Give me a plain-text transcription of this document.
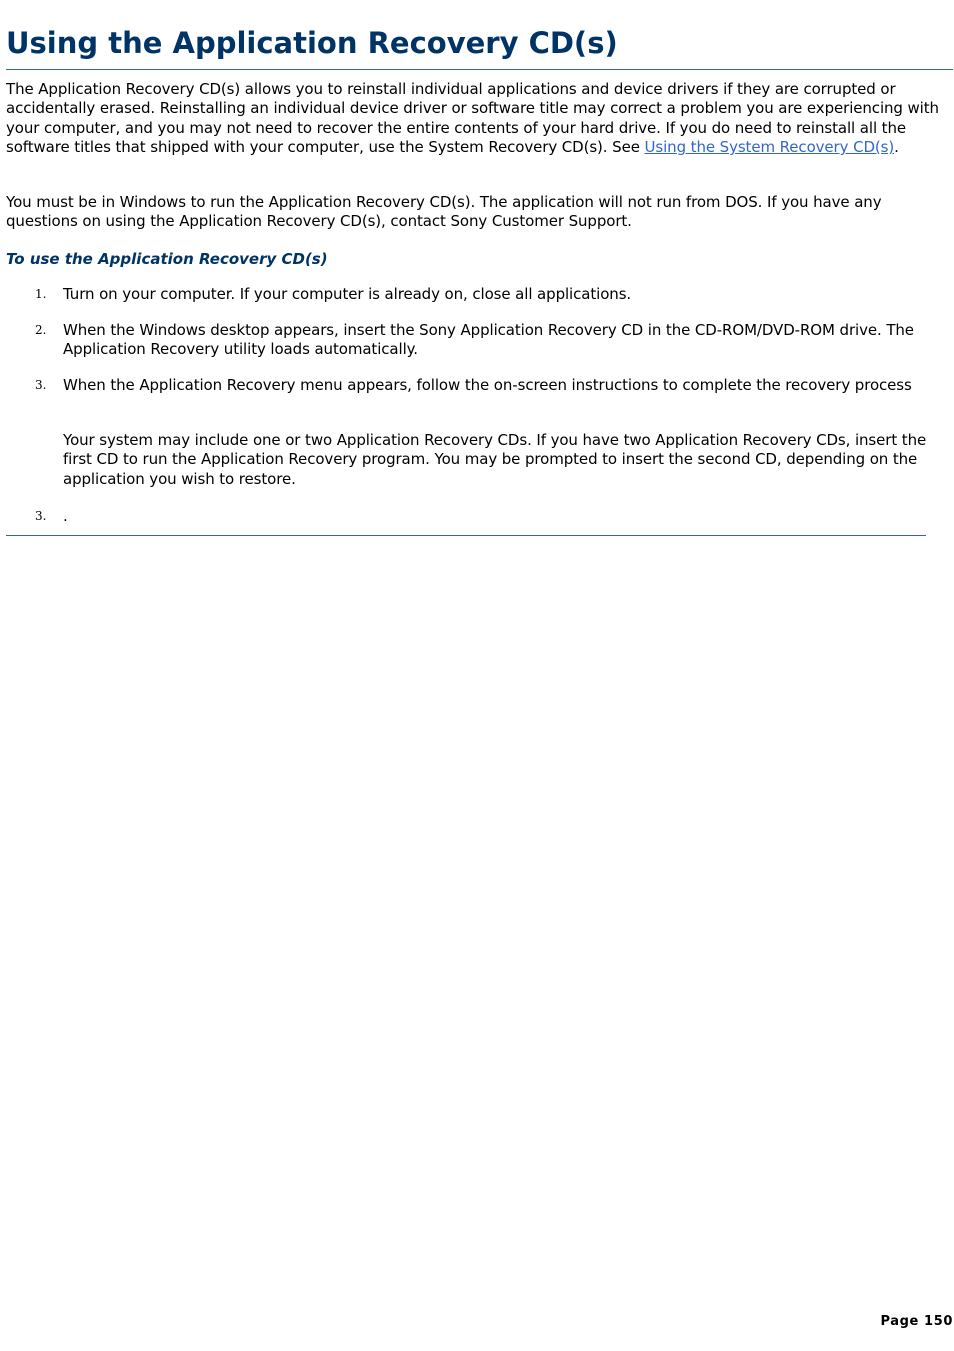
Using the Application Recovery CD(s)

The Application Recovery CD(s) allows you to reinstall individual applications and device drivers if they are corrupted or accidentally erased. Reinstalling an individual device driver or software title may correct a problem you are experiencing with your computer, and you may not need to recover the entire contents of your hard drive. If you do need to reinstall all the software titles that shipped with your computer, use the System Recovery CD(s). See Using the System Recovery CD(s).

You must be in Windows to run the Application Recovery CD(s). The application will not run from DOS. If you have any questions on using the Application Recovery CD(s), contact Sony Customer Support.

To use the Application Recovery CD(s)
1. Turn on your computer. If your computer is already on, close all applications.

2. When the Windows desktop appears, insert the Sony Application Recovery CD in the CD-ROM/DVD-ROM drive. The Application Recovery utility loads automatically.

3. When the Application Recovery menu appears, follow the on-screen instructions to complete the recovery process

Your system may include one or two Application Recovery CDs. If you have two Application Recovery CDs, insert the first CD to run the Application Recovery program. You may be prompted to insert the second CD, depending on the application you wish to restore.

3. .

Page 150
